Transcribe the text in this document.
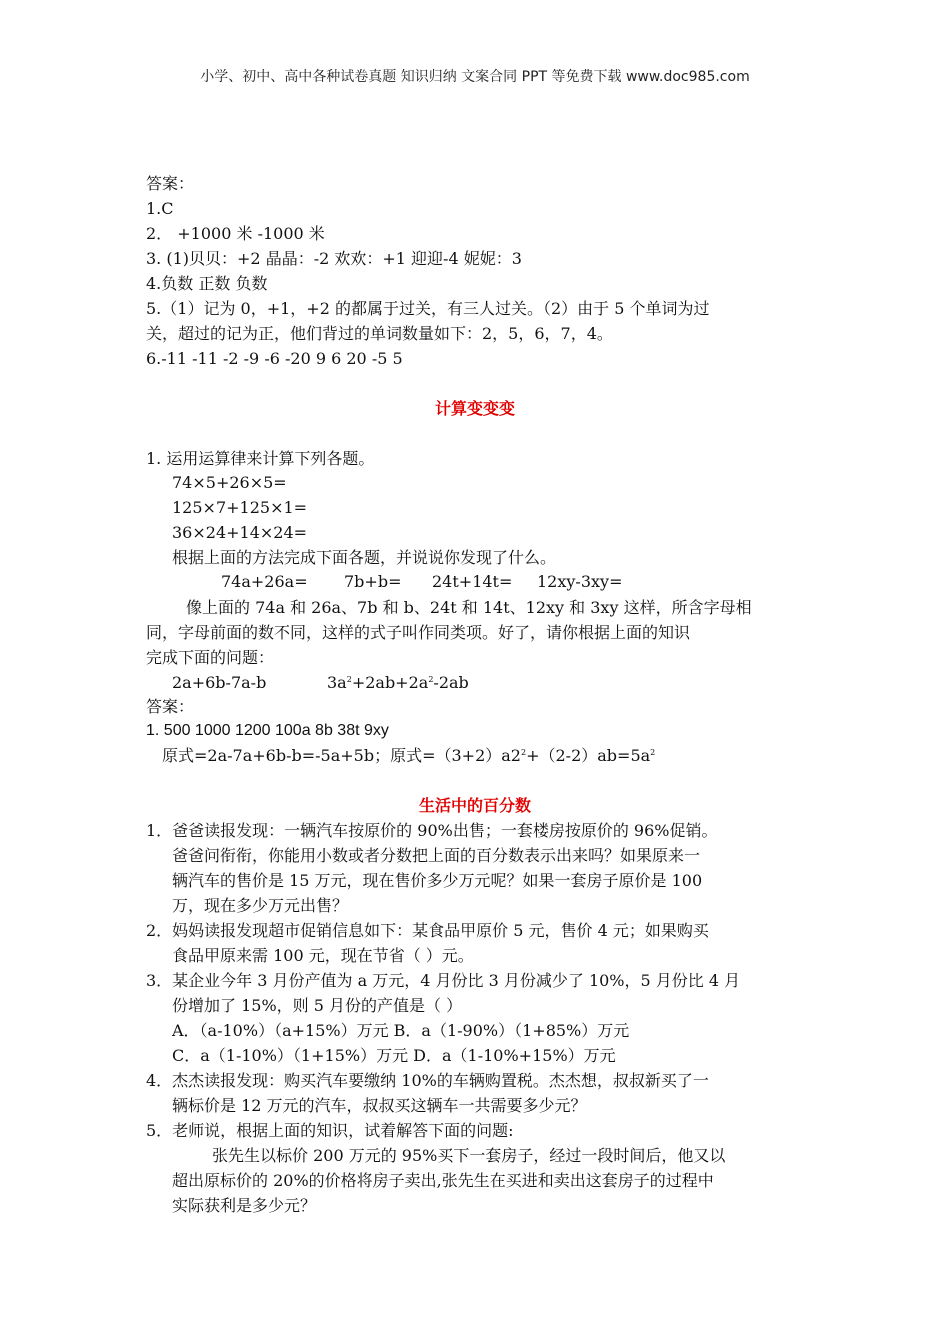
小学、初中、高中各种试卷真题 知识归纳 文案合同 PPT 等免费下载 www.doc985.com
答案：
1.C
2． +1000 米 -1000 米
3. (1)贝贝：+2 晶晶：-2 欢欢：+1 迎迎-4 妮妮：3
4.负数 正数 负数
5.（1）记为 0，+1，+2 的都属于过关，有三人过关。（2）由于 5 个单词为过
关，超过的记为正，他们背过的单词数量如下：2，5，6，7，4。
6.-11 -11 -2 -9 -6 -20 9 6 20 -5 5
计算变变变
1. 运用运算律来计算下列各题。
74×5+26×5=
125×7+125×1=
36×24+14×24=
根据上面的方法完成下面各题，并说说你发现了什么。
74a+26a= 7b+b= 24t+14t= 12xy-3xy=
像上面的 74a 和 26a、7b 和 b、24t 和 14t、12xy 和 3xy 这样，所含字母相
同，字母前面的数不同，这样的式子叫作同类项。好了，请你根据上面的知识
完成下面的问题：
2a+6b-7a-b	$3a^2+2ab+2a^2-2ab$
答案：
1. 500 1000 1200 100a 8b 38t 9xy
原式=2a-7a+6b-b=-5a+5b；原式$=(3+2)a2^2+(2-2)ab=5a^2$
生活中的百分数
1．爸爸读报发现：一辆汽车按原价的 90%出售；一套楼房按原价的 96%促销。
爸爸问衔衔，你能用小数或者分数把上面的百分数表示出来吗？如果原来一
辆汽车的售价是 15 万元，现在售价多少万元呢？如果一套房子原价是 100
万，现在多少万元出售？
2．妈妈读报发现超市促销信息如下：某食品甲原价 5 元，售价 4 元；如果购买
食品甲原来需 100 元，现在节省（ ）元。
3．某企业今年 3 月份产值为 a 万元，4 月份比 3 月份减少了 10%，5 月份比 4 月
份增加了 15%，则 5 月份的产值是（ ）
A．（a-10%）（a+15%）万元 B．a（1-90%）（1+85%）万元
C．a（1-10%）（1+15%）万元 D．a（1-10%+15%）万元
4．杰杰读报发现：购买汽车要缴纳 10%的车辆购置税。杰杰想，叔叔新买了一
辆标价是 12 万元的汽车，叔叔买这辆车一共需要多少元？
5．老师说，根据上面的知识，试着解答下面的问题:
张先生以标价 200 万元的 95%买下一套房子，经过一段时间后，他又以
超出原标价的 20%的价格将房子卖出,张先生在买进和卖出这套房子的过程中
实际获利是多少元？
